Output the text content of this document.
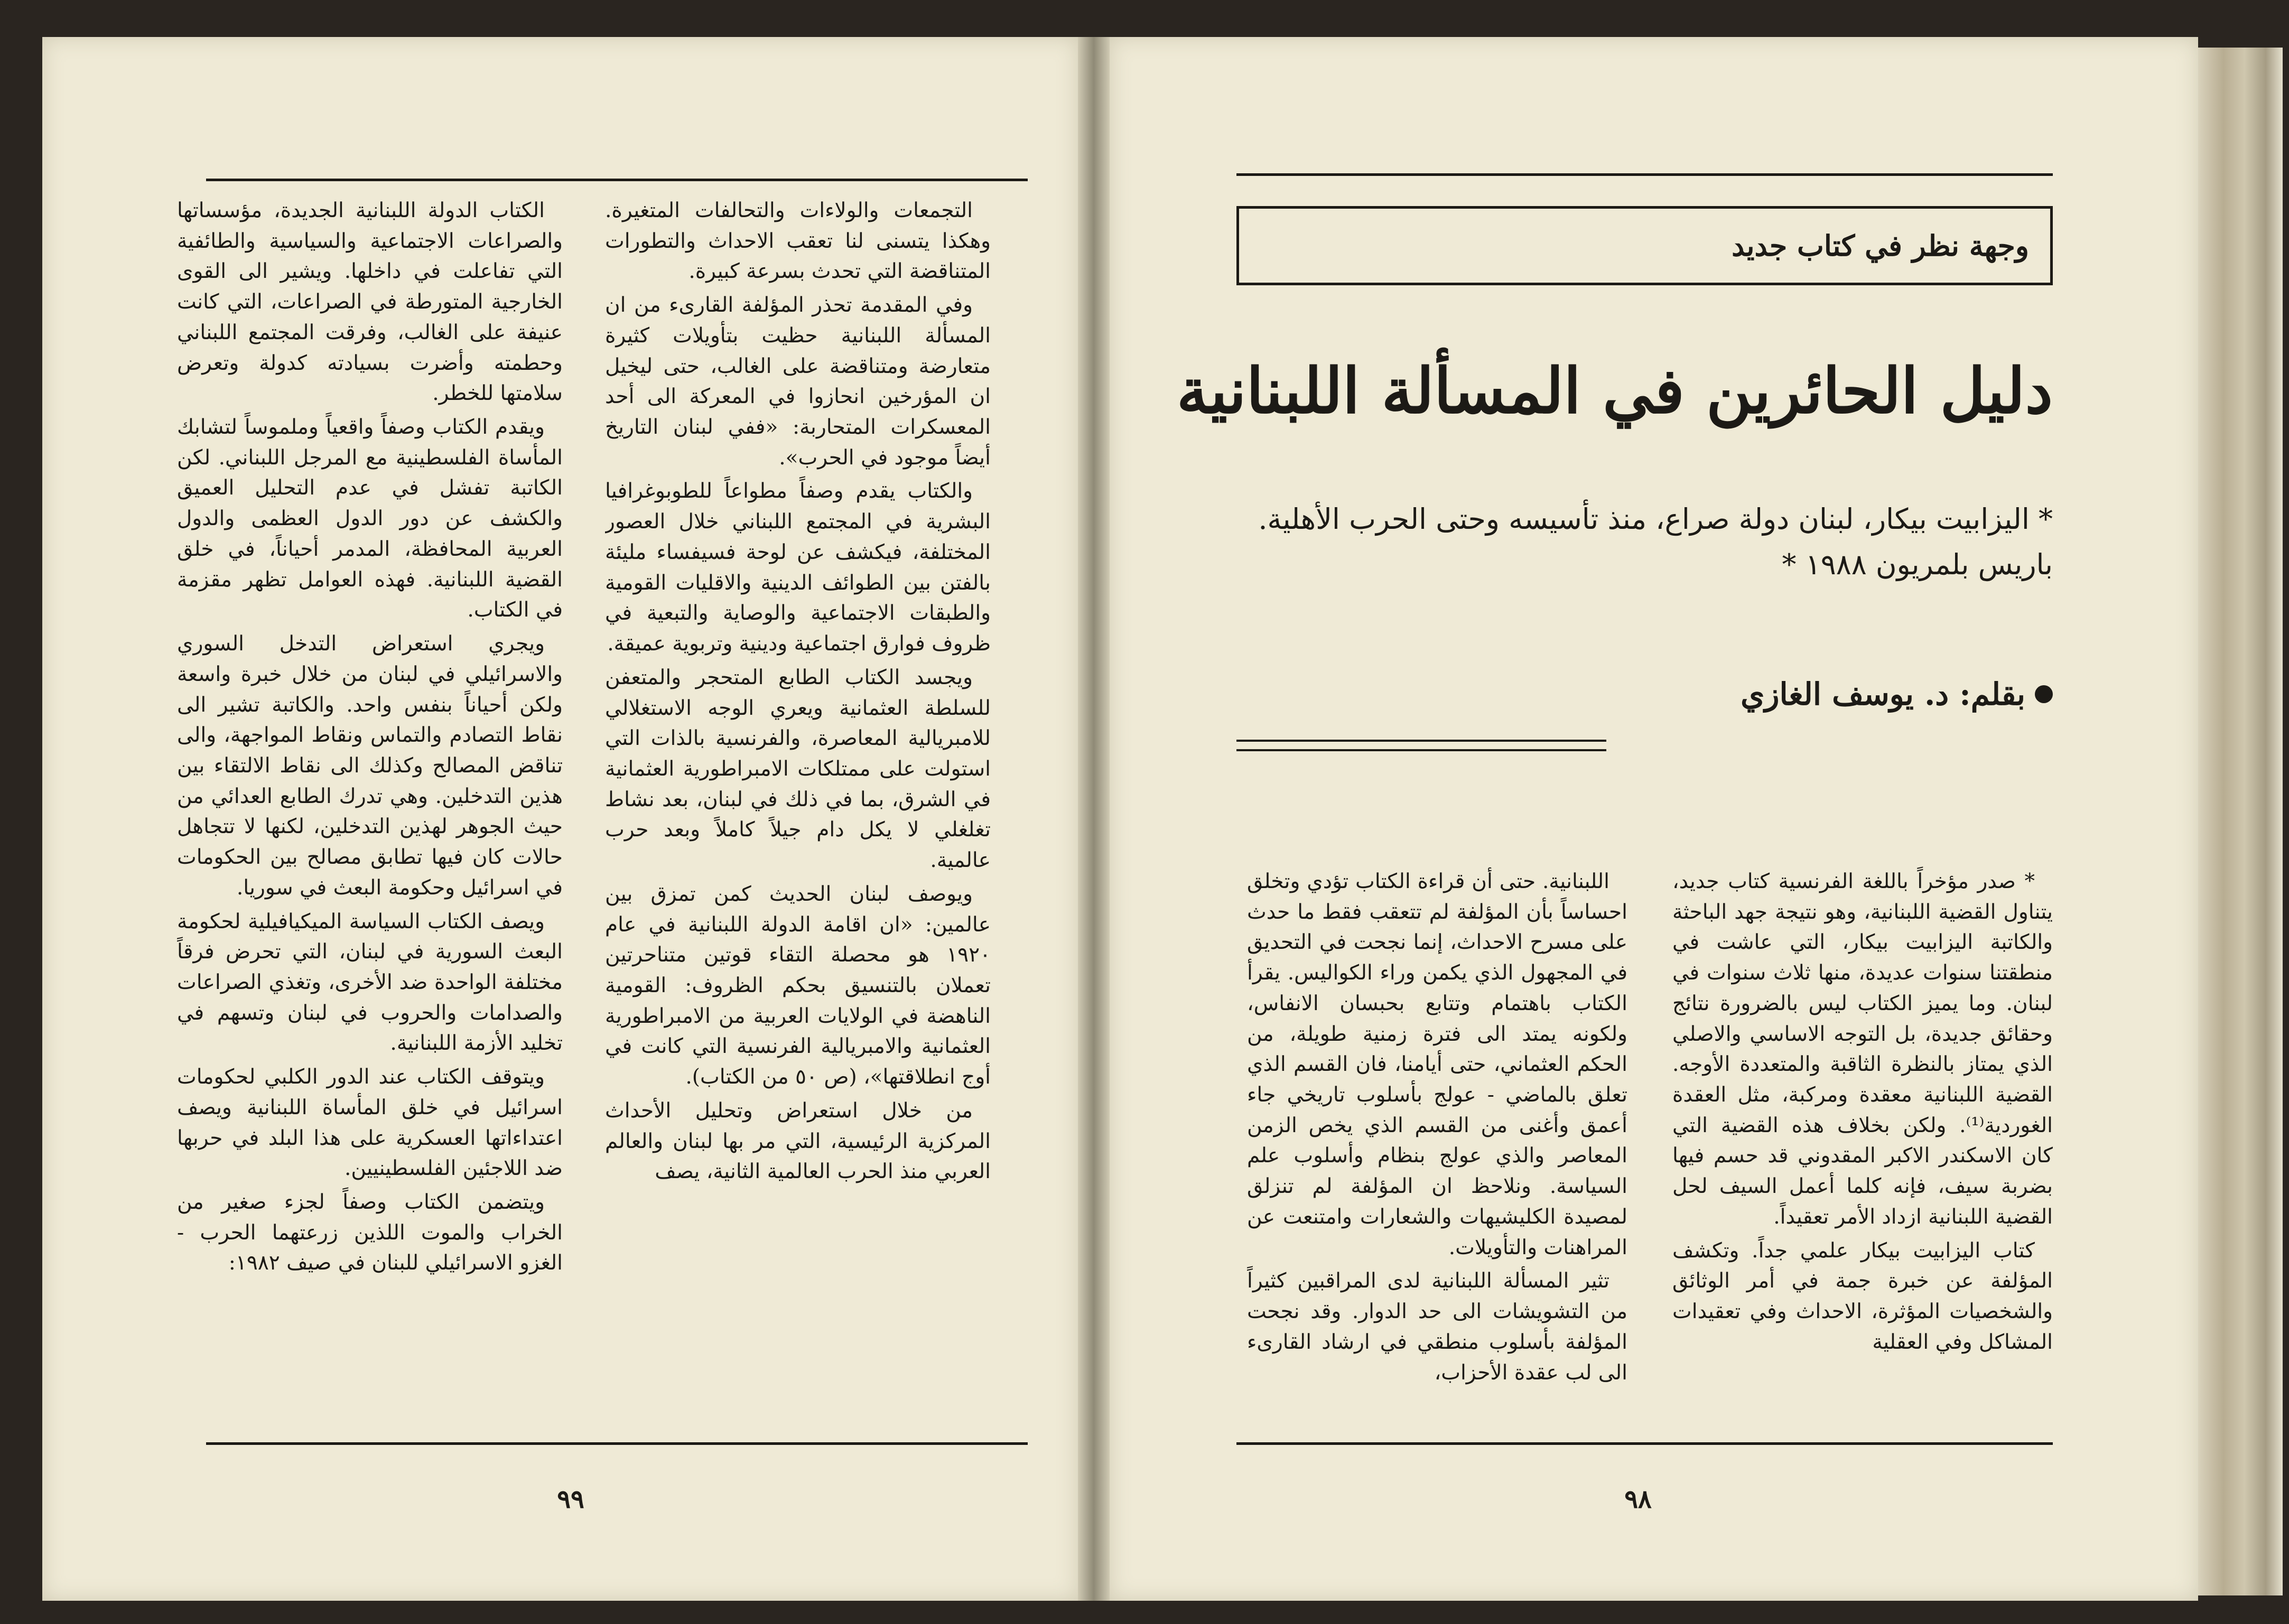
التجمعات والولاءات والتحالفات المتغيرة. وهكذا يتسنى لنا تعقب الاحداث والتطورات المتناقضة التي تحدث بسرعة كبيرة.

وفي المقدمة تحذر المؤلفة القارىء من ان المسألة اللبنانية حظيت بتأويلات كثيرة متعارضة ومتناقضة على الغالب، حتى ليخيل ان المؤرخين انحازوا في المعركة الى أحد المعسكرات المتحاربة: «ففي لبنان التاريخ أيضاً موجود في الحرب».

والكتاب يقدم وصفاً مطواعاً للطوبوغرافيا البشرية في المجتمع اللبناني خلال العصور المختلفة، فيكشف عن لوحة فسيفساء مليئة بالفتن بين الطوائف الدينية والاقليات القومية والطبقات الاجتماعية والوصاية والتبعية في ظروف فوارق اجتماعية ودينية وتربوية عميقة.

ويجسد الكتاب الطابع المتحجر والمتعفن للسلطة العثمانية ويعري الوجه الاستغلالي للامبريالية المعاصرة، والفرنسية بالذات التي استولت على ممتلكات الامبراطورية العثمانية في الشرق، بما في ذلك في لبنان، بعد نشاط تغلغلي لا يكل دام جيلاً كاملاً وبعد حرب عالمية.

ويوصف لبنان الحديث كمن تمزق بين عالمين: «ان اقامة الدولة اللبنانية في عام ١٩٢٠ هو محصلة التقاء قوتين متناحرتين تعملان بالتنسيق بحكم الظروف: القومية الناهضة في الولايات العربية من الامبراطورية العثمانية والامبريالية الفرنسية التي كانت في أوج انطلاقتها»، (ص ٥٠ من الكتاب).

من خلال استعراض وتحليل الأحداث المركزية الرئيسية، التي مر بها لبنان والعالم العربي منذ الحرب العالمية الثانية، يصف

الكتاب الدولة اللبنانية الجديدة، مؤسساتها والصراعات الاجتماعية والسياسية والطائفية التي تفاعلت في داخلها. ويشير الى القوى الخارجية المتورطة في الصراعات، التي كانت عنيفة على الغالب، وفرقت المجتمع اللبناني وحطمته وأضرت بسيادته كدولة وتعرض سلامتها للخطر.

ويقدم الكتاب وصفاً واقعياً وملموساً لتشابك المأساة الفلسطينية مع المرجل اللبناني. لكن الكاتبة تفشل في عدم التحليل العميق والكشف عن دور الدول العظمى والدول العربية المحافظة، المدمر أحياناً، في خلق القضية اللبنانية. فهذه العوامل تظهر مقزمة في الكتاب.

ويجري استعراض التدخل السوري والاسرائيلي في لبنان من خلال خبرة واسعة ولكن أحياناً بنفس واحد. والكاتبة تشير الى نقاط التصادم والتماس ونقاط المواجهة، والى تناقض المصالح وكذلك الى نقاط الالتقاء بين هذين التدخلين. وهي تدرك الطابع العدائي من حيث الجوهر لهذين التدخلين، لكنها لا تتجاهل حالات كان فيها تطابق مصالح بين الحكومات في اسرائيل وحكومة البعث في سوريا.

ويصف الكتاب السياسة الميكيافيلية لحكومة البعث السورية في لبنان، التي تحرض فرقاً مختلفة الواحدة ضد الأخرى، وتغذي الصراعات والصدامات والحروب في لبنان وتسهم في تخليد الأزمة اللبنانية.

ويتوقف الكتاب عند الدور الكلبي لحكومات اسرائيل في خلق المأساة اللبنانية ويصف اعتداءاتها العسكرية على هذا البلد في حربها ضد اللاجئين الفلسطينيين.

ويتضمن الكتاب وصفاً لجزء صغير من الخراب والموت اللذين زرعتهما الحرب - الغزو الاسرائيلي للبنان في صيف ١٩٨٢:

٩٩
وجهة نظر في كتاب جديد
دليل الحائرين في المسألة اللبنانية
* اليزابيت بيكار، لبنان دولة صراع، منذ تأسيسه وحتى الحرب الأهلية. باريس بلمريون ١٩٨٨ *
بقلم: د. يوسف الغازي

* صدر مؤخراً باللغة الفرنسية كتاب جديد، يتناول القضية اللبنانية، وهو نتيجة جهد الباحثة والكاتبة اليزابيت بيكار، التي عاشت في منطقتنا سنوات عديدة، منها ثلاث سنوات في لبنان. وما يميز الكتاب ليس بالضرورة نتائج وحقائق جديدة، بل التوجه الاساسي والاصلي الذي يمتاز بالنظرة الثاقبة والمتعددة الأوجه. القضية اللبنانية معقدة ومركبة، مثل العقدة الغوردية⁽¹⁾. ولكن بخلاف هذه القضية التي كان الاسكندر الاكبر المقدوني قد حسم فيها بضربة سيف، فإنه كلما أعمل السيف لحل القضية اللبنانية ازداد الأمر تعقيداً.

كتاب اليزابيت بيكار علمي جداً. وتكشف المؤلفة عن خبرة جمة في أمر الوثائق والشخصيات المؤثرة، الاحداث وفي تعقيدات المشاكل وفي العقلية

اللبنانية. حتى أن قراءة الكتاب تؤدي وتخلق احساساً بأن المؤلفة لم تتعقب فقط ما حدث على مسرح الاحداث، إنما نجحت في التحديق في المجهول الذي يكمن وراء الكواليس. يقرأ الكتاب باهتمام وتتابع بحبسان الانفاس، ولكونه يمتد الى فترة زمنية طويلة، من الحكم العثماني، حتى أيامنا، فان القسم الذي تعلق بالماضي - عولج بأسلوب تاريخي جاء أعمق وأغنى من القسم الذي يخص الزمن المعاصر والذي عولج بنظام وأسلوب علم السياسة. ونلاحظ ان المؤلفة لم تنزلق لمصيدة الكليشيهات والشعارات وامتنعت عن المراهنات والتأويلات.

تثير المسألة اللبنانية لدى المراقبين كثيراً من التشويشات الى حد الدوار. وقد نجحت المؤلفة بأسلوب منطقي في ارشاد القارىء الى لب عقدة الأحزاب،

٩٨
